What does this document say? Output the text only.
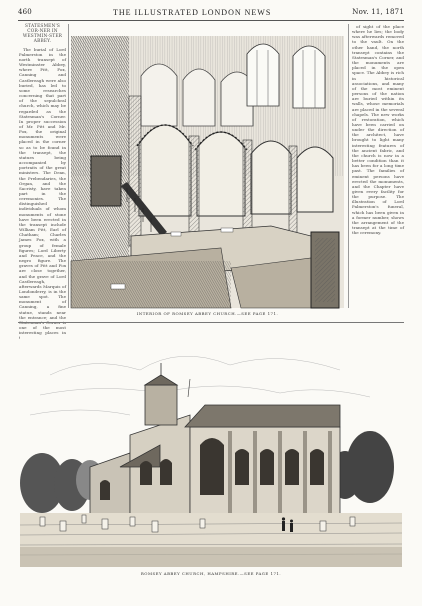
460	THE ILLUSTRATED LONDON NEWS	Nov. 11, 1871

STATESMEN'S COR-NER IN WESTMIN-STER ABBEY.

The burial of Lord Palmerston in the north transept of Westminster Abbey, where Pitt, Fox, Canning and Castlereagh were also buried, has led to some researches concerning that part of the sepulchral church, which may be regarded as the Statesman's Corner. In proper succession of Mr. Pitt and Mr. Fox, the original monuments were placed in the corner so as to be found in the transept, the statues being accompanied by portraits of the great ministers. The Dean, the Prebendaries, the Organ, and the Sacristy, have taken part in the ceremonies. The distinguished individuals of whom monuments of stone have been erected in the transept include William Pitt, Earl of Chatham; Charles James Fox, with a group of female figures; Lord Liberty and Peace, and the negro figure. The graves of Pitt and Fox are close together, and the grave of Lord Castlereagh, afterwards Marquis of Londonderry, is in the same spot. The monument of Canning, a fine statue, stands near the entrance; and the Statesman's Corner is one of the most interesting places in

INTERIOR OF ROMSEY ABBEY CHURCH.—SEE PAGE 171.

of sight of the place where he lies; the body was afterwards removed to the vault. On the other hand, the north transept contains the Statesman's Corner, and the monuments are placed in the open space. The Abbey is rich in historical associations, and many of the most eminent persons of the nation are buried within its walls, whose memorials are placed in the several chapels. The new works of restoration, which have been carried on under the direction of the architect, have brought to light many interesting features of the ancient fabric, and the church is now in a better condition than it has been for a long time past. The families of eminent persons have erected the monuments, and the Chapter have given every facility for the purpose. The illustration of Lord Palmerston's funeral, which has been given in a former number, shows the arrangement of the transept at the time of the ceremony.

ROMSEY ABBEY CHURCH, HAMPSHIRE.—SEE PAGE 171.
